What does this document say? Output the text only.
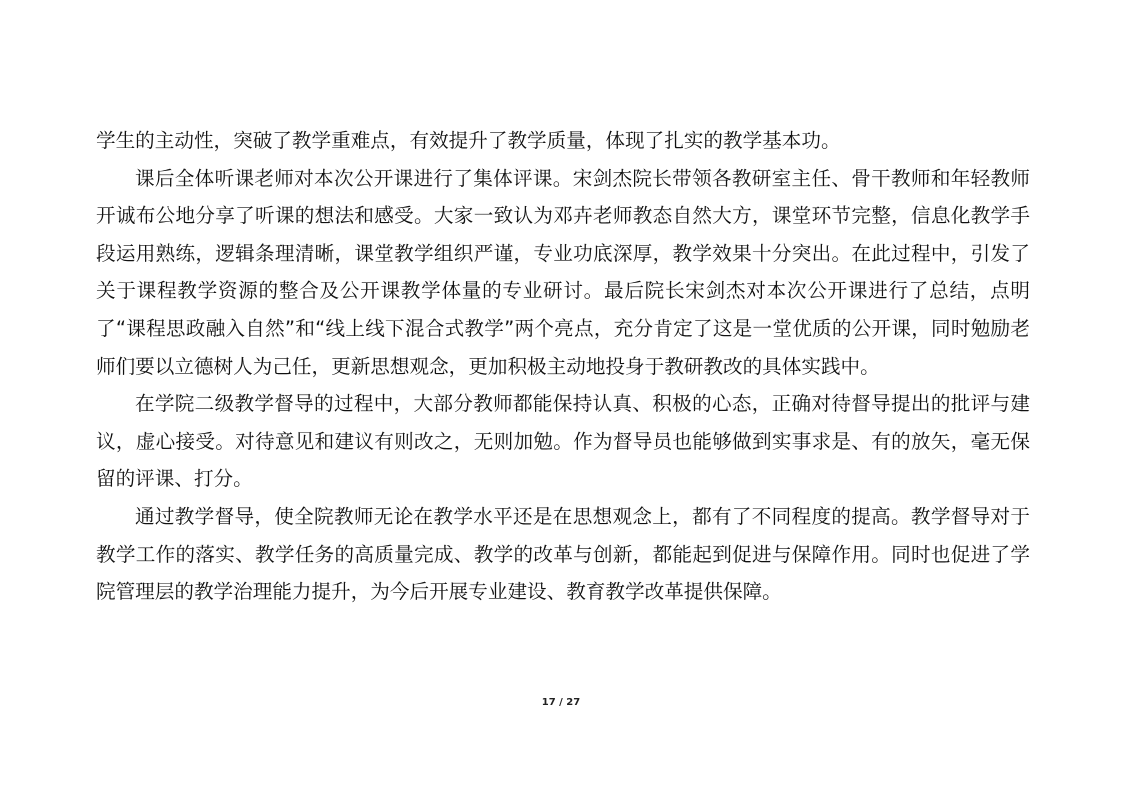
学生的主动性，突破了教学重难点，有效提升了教学质量，体现了扎实的教学基本功。

课后全体听课老师对本次公开课进行了集体评课。宋剑杰院长带领各教研室主任、骨干教师和年轻教师开诚布公地分享了听课的想法和感受。大家一致认为邓卉老师教态自然大方，课堂环节完整，信息化教学手段运用熟练，逻辑条理清晰，课堂教学组织严谨，专业功底深厚，教学效果十分突出。在此过程中，引发了关于课程教学资源的整合及公开课教学体量的专业研讨。最后院长宋剑杰对本次公开课进行了总结，点明了“课程思政融入自然”和“线上线下混合式教学”两个亮点，充分肯定了这是一堂优质的公开课，同时勉励老师们要以立德树人为己任，更新思想观念，更加积极主动地投身于教研教改的具体实践中。

在学院二级教学督导的过程中，大部分教师都能保持认真、积极的心态，正确对待督导提出的批评与建议，虚心接受。对待意见和建议有则改之，无则加勉。作为督导员也能够做到实事求是、有的放矢，毫无保留的评课、打分。

通过教学督导，使全院教师无论在教学水平还是在思想观念上，都有了不同程度的提高。教学督导对于教学工作的落实、教学任务的高质量完成、教学的改革与创新，都能起到促进与保障作用。同时也促进了学院管理层的教学治理能力提升，为今后开展专业建设、教育教学改革提供保障。

17 / 27
